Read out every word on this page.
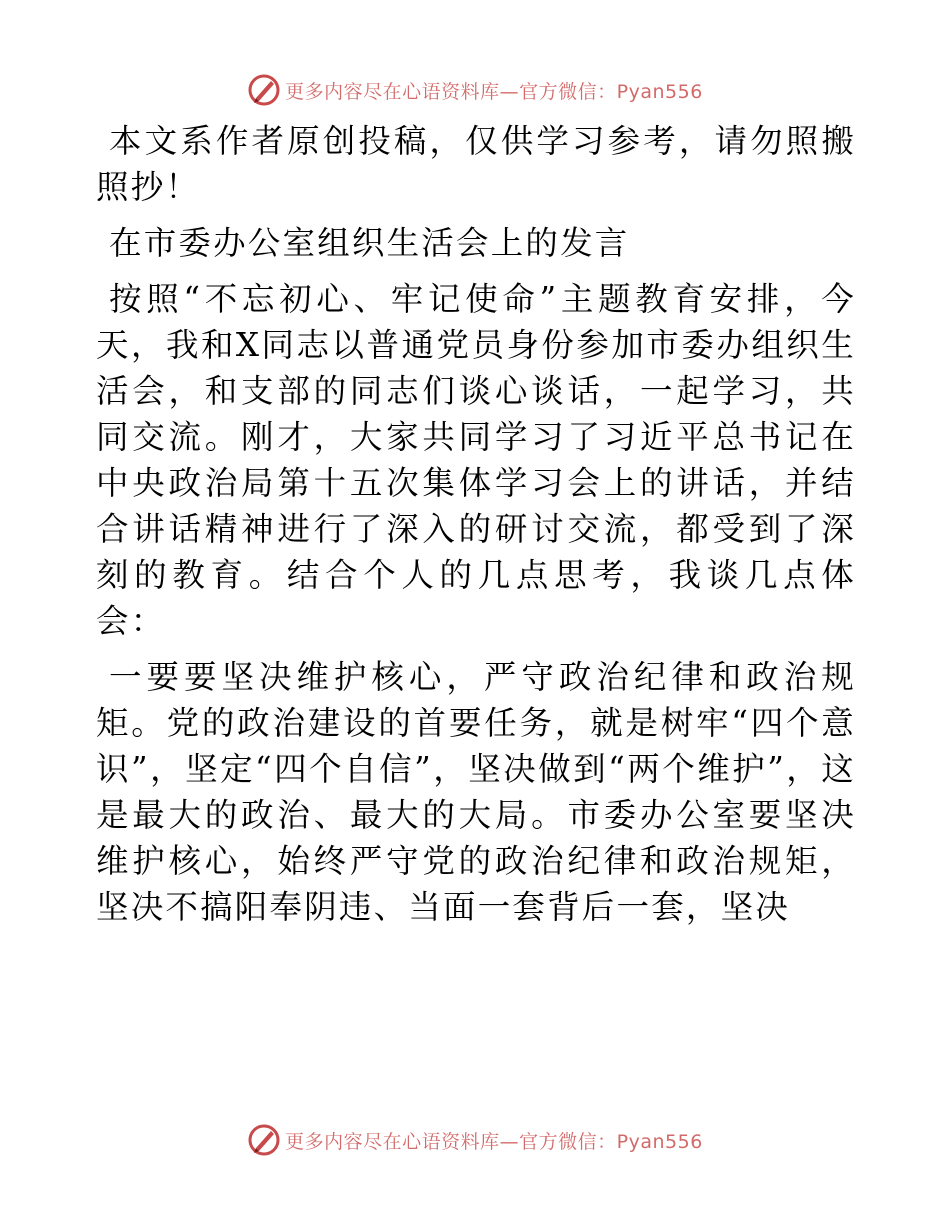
更多内容尽在心语资料库—官方微信：Pyan556

本文系作者原创投稿，仅供学习参考，请勿照搬照抄！

在市委办公室组织生活会上的发言

按照“不忘初心、牢记使命”主题教育安排，今天，我和X同志以普通党员身份参加市委办组织生活会，和支部的同志们谈心谈话，一起学习，共同交流。刚才，大家共同学习了习近平总书记在中央政治局第十五次集体学习会上的讲话，并结合讲话精神进行了深入的研讨交流，都受到了深刻的教育。结合个人的几点思考，我谈几点体会：

一要要坚决维护核心，严守政治纪律和政治规矩。党的政治建设的首要任务，就是树牢“四个意识”，坚定“四个自信”，坚决做到“两个维护”，这是最大的政治、最大的大局。市委办公室要坚决维护核心，始终严守党的政治纪律和政治规矩，坚决不搞阳奉阴违、当面一套背后一套，坚决

更多内容尽在心语资料库—官方微信：Pyan556
